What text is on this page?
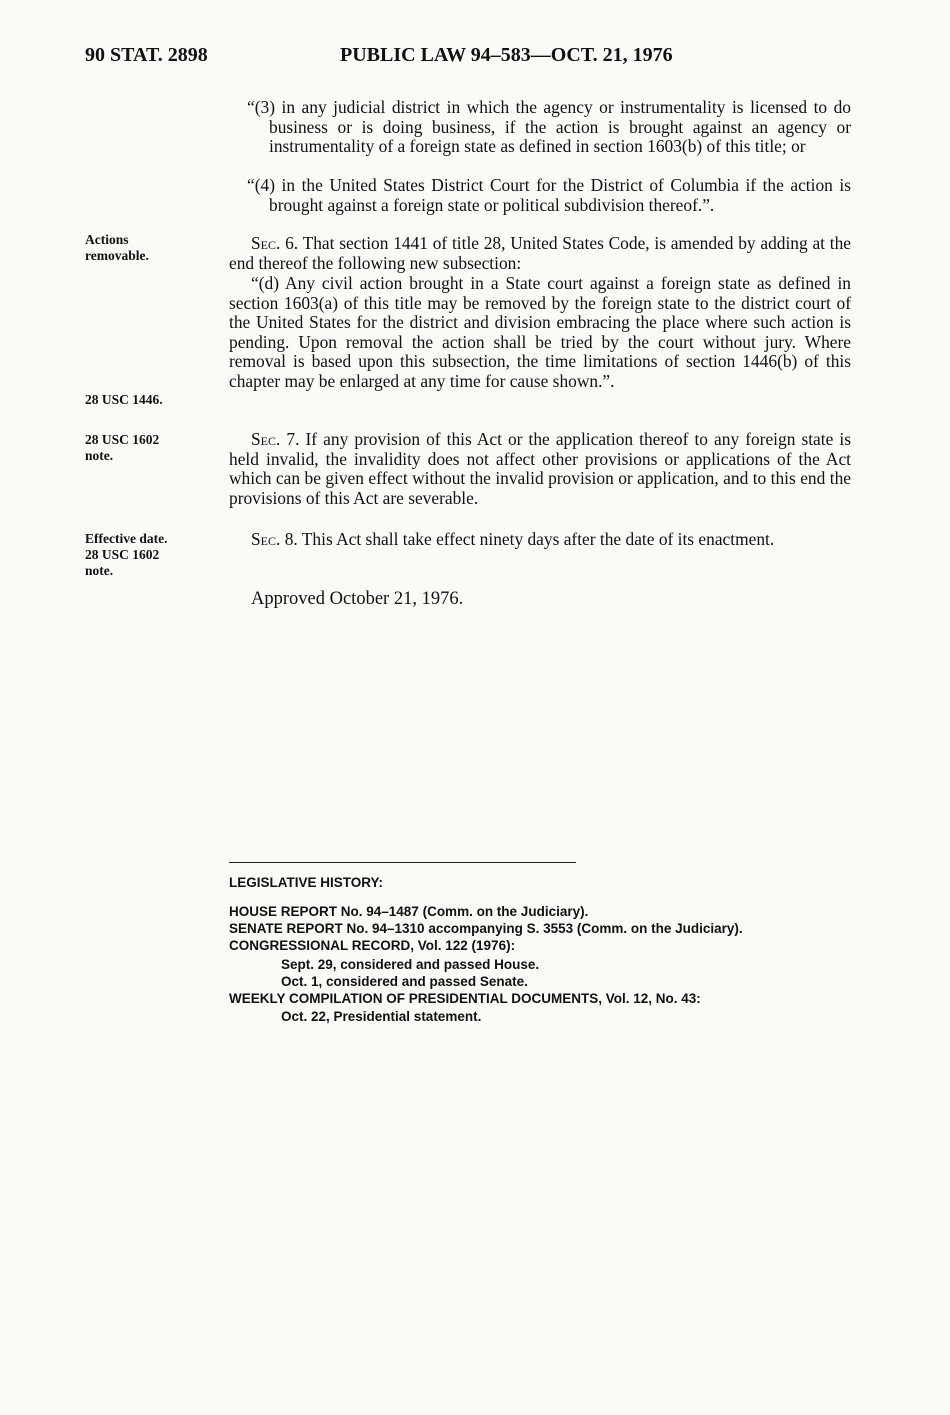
90 STAT. 2898	PUBLIC LAW 94–583—OCT. 21, 1976
Actions
removable.
28 USC 1446.
28 USC 1602
note.
Effective date.
28 USC 1602
note.

“(3) in any judicial district in which the agency or instrumentality is licensed to do business or is doing business, if the action is brought against an agency or instrumentality of a foreign state as defined in section 1603(b) of this title; or

“(4) in the United States District Court for the District of Columbia if the action is brought against a foreign state or political subdivision thereof.”.

Sec. 6. That section 1441 of title 28, United States Code, is amended by adding at the end thereof the following new subsection:

“(d) Any civil action brought in a State court against a foreign state as defined in section 1603(a) of this title may be removed by the foreign state to the district court of the United States for the district and division embracing the place where such action is pending. Upon removal the action shall be tried by the court without jury. Where removal is based upon this subsection, the time limitations of section 1446(b) of this chapter may be enlarged at any time for cause shown.”.

Sec. 7. If any provision of this Act or the application thereof to any foreign state is held invalid, the invalidity does not affect other provisions or applications of the Act which can be given effect without the invalid provision or application, and to this end the provisions of this Act are severable.

Sec. 8. This Act shall take effect ninety days after the date of its enactment.

Approved October 21, 1976.
LEGISLATIVE HISTORY:
HOUSE REPORT No. 94–1487 (Comm. on the Judiciary).
SENATE REPORT No. 94–1310 accompanying S. 3553 (Comm. on the Judiciary).
CONGRESSIONAL RECORD, Vol. 122 (1976):
Sept. 29, considered and passed House.
Oct. 1, considered and passed Senate.
WEEKLY COMPILATION OF PRESIDENTIAL DOCUMENTS, Vol. 12, No. 43:
Oct. 22, Presidential statement.
